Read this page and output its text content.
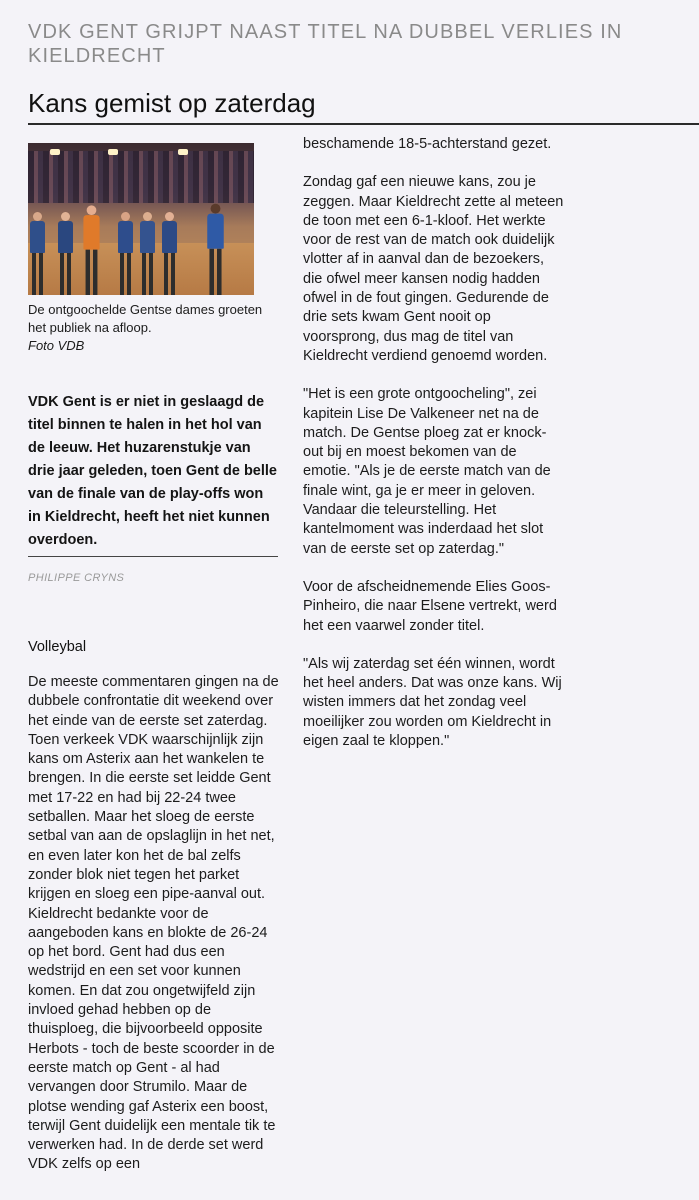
VDK GENT GRIJPT NAAST TITEL NA DUBBEL VERLIES IN KIELDRECHT
Kans gemist op zaterdag
De ontgoochelde Gentse dames groeten het publiek na afloop.
Foto VDB
VDK Gent is er niet in geslaagd de titel binnen te halen in het hol van de leeuw. Het huzarenstukje van drie jaar geleden, toen Gent de belle van de finale van de play-offs won in Kieldrecht, heeft het niet kunnen overdoen.
PHILIPPE CRYNS
Volleybal
De meeste commentaren gingen na de dubbele confrontatie dit weekend over het einde van de eerste set zaterdag. Toen verkeek VDK waarschijnlijk zijn kans om Asterix aan het wankelen te brengen. In die eerste set leidde Gent met 17-22 en had bij 22-24 twee setballen. Maar het sloeg de eerste setbal van aan de opslaglijn in het net, en even later kon het de bal zelfs zonder blok niet tegen het parket krijgen en sloeg een pipe-aanval out. Kieldrecht bedankte voor de aangeboden kans en blokte de 26-24 op het bord. Gent had dus een wedstrijd en een set voor kunnen komen. En dat zou ongetwijfeld zijn invloed gehad hebben op de thuisploeg, die bijvoorbeeld opposite Herbots - toch de beste scoorder in de eerste match op Gent - al had vervangen door Strumilo. Maar de plotse wending gaf Asterix een boost, terwijl Gent duidelijk een mentale tik te verwerken had. In de derde set werd VDK zelfs op een
beschamende 18-5-achterstand gezet.
Zondag gaf een nieuwe kans, zou je zeggen. Maar Kieldrecht zette al meteen de toon met een 6-1-kloof. Het werkte voor de rest van de match ook duidelijk vlotter af in aanval dan de bezoekers, die ofwel meer kansen nodig hadden ofwel in de fout gingen. Gedurende de drie sets kwam Gent nooit op voorsprong, dus mag de titel van Kieldrecht verdiend genoemd worden.
"Het is een grote ontgoocheling", zei kapitein Lise De Valkeneer net na de match. De Gentse ploeg zat er knock-out bij en moest bekomen van de emotie. "Als je de eerste match van de finale wint, ga je er meer in geloven. Vandaar die teleurstelling. Het kantelmoment was inderdaad het slot van de eerste set op zaterdag."
Voor de afscheidnemende Elies Goos-Pinheiro, die naar Elsene vertrekt, werd het een vaarwel zonder titel.
"Als wij zaterdag set één winnen, wordt het heel anders. Dat was onze kans. Wij wisten immers dat het zondag veel moeilijker zou worden om Kieldrecht in eigen zaal te kloppen."
